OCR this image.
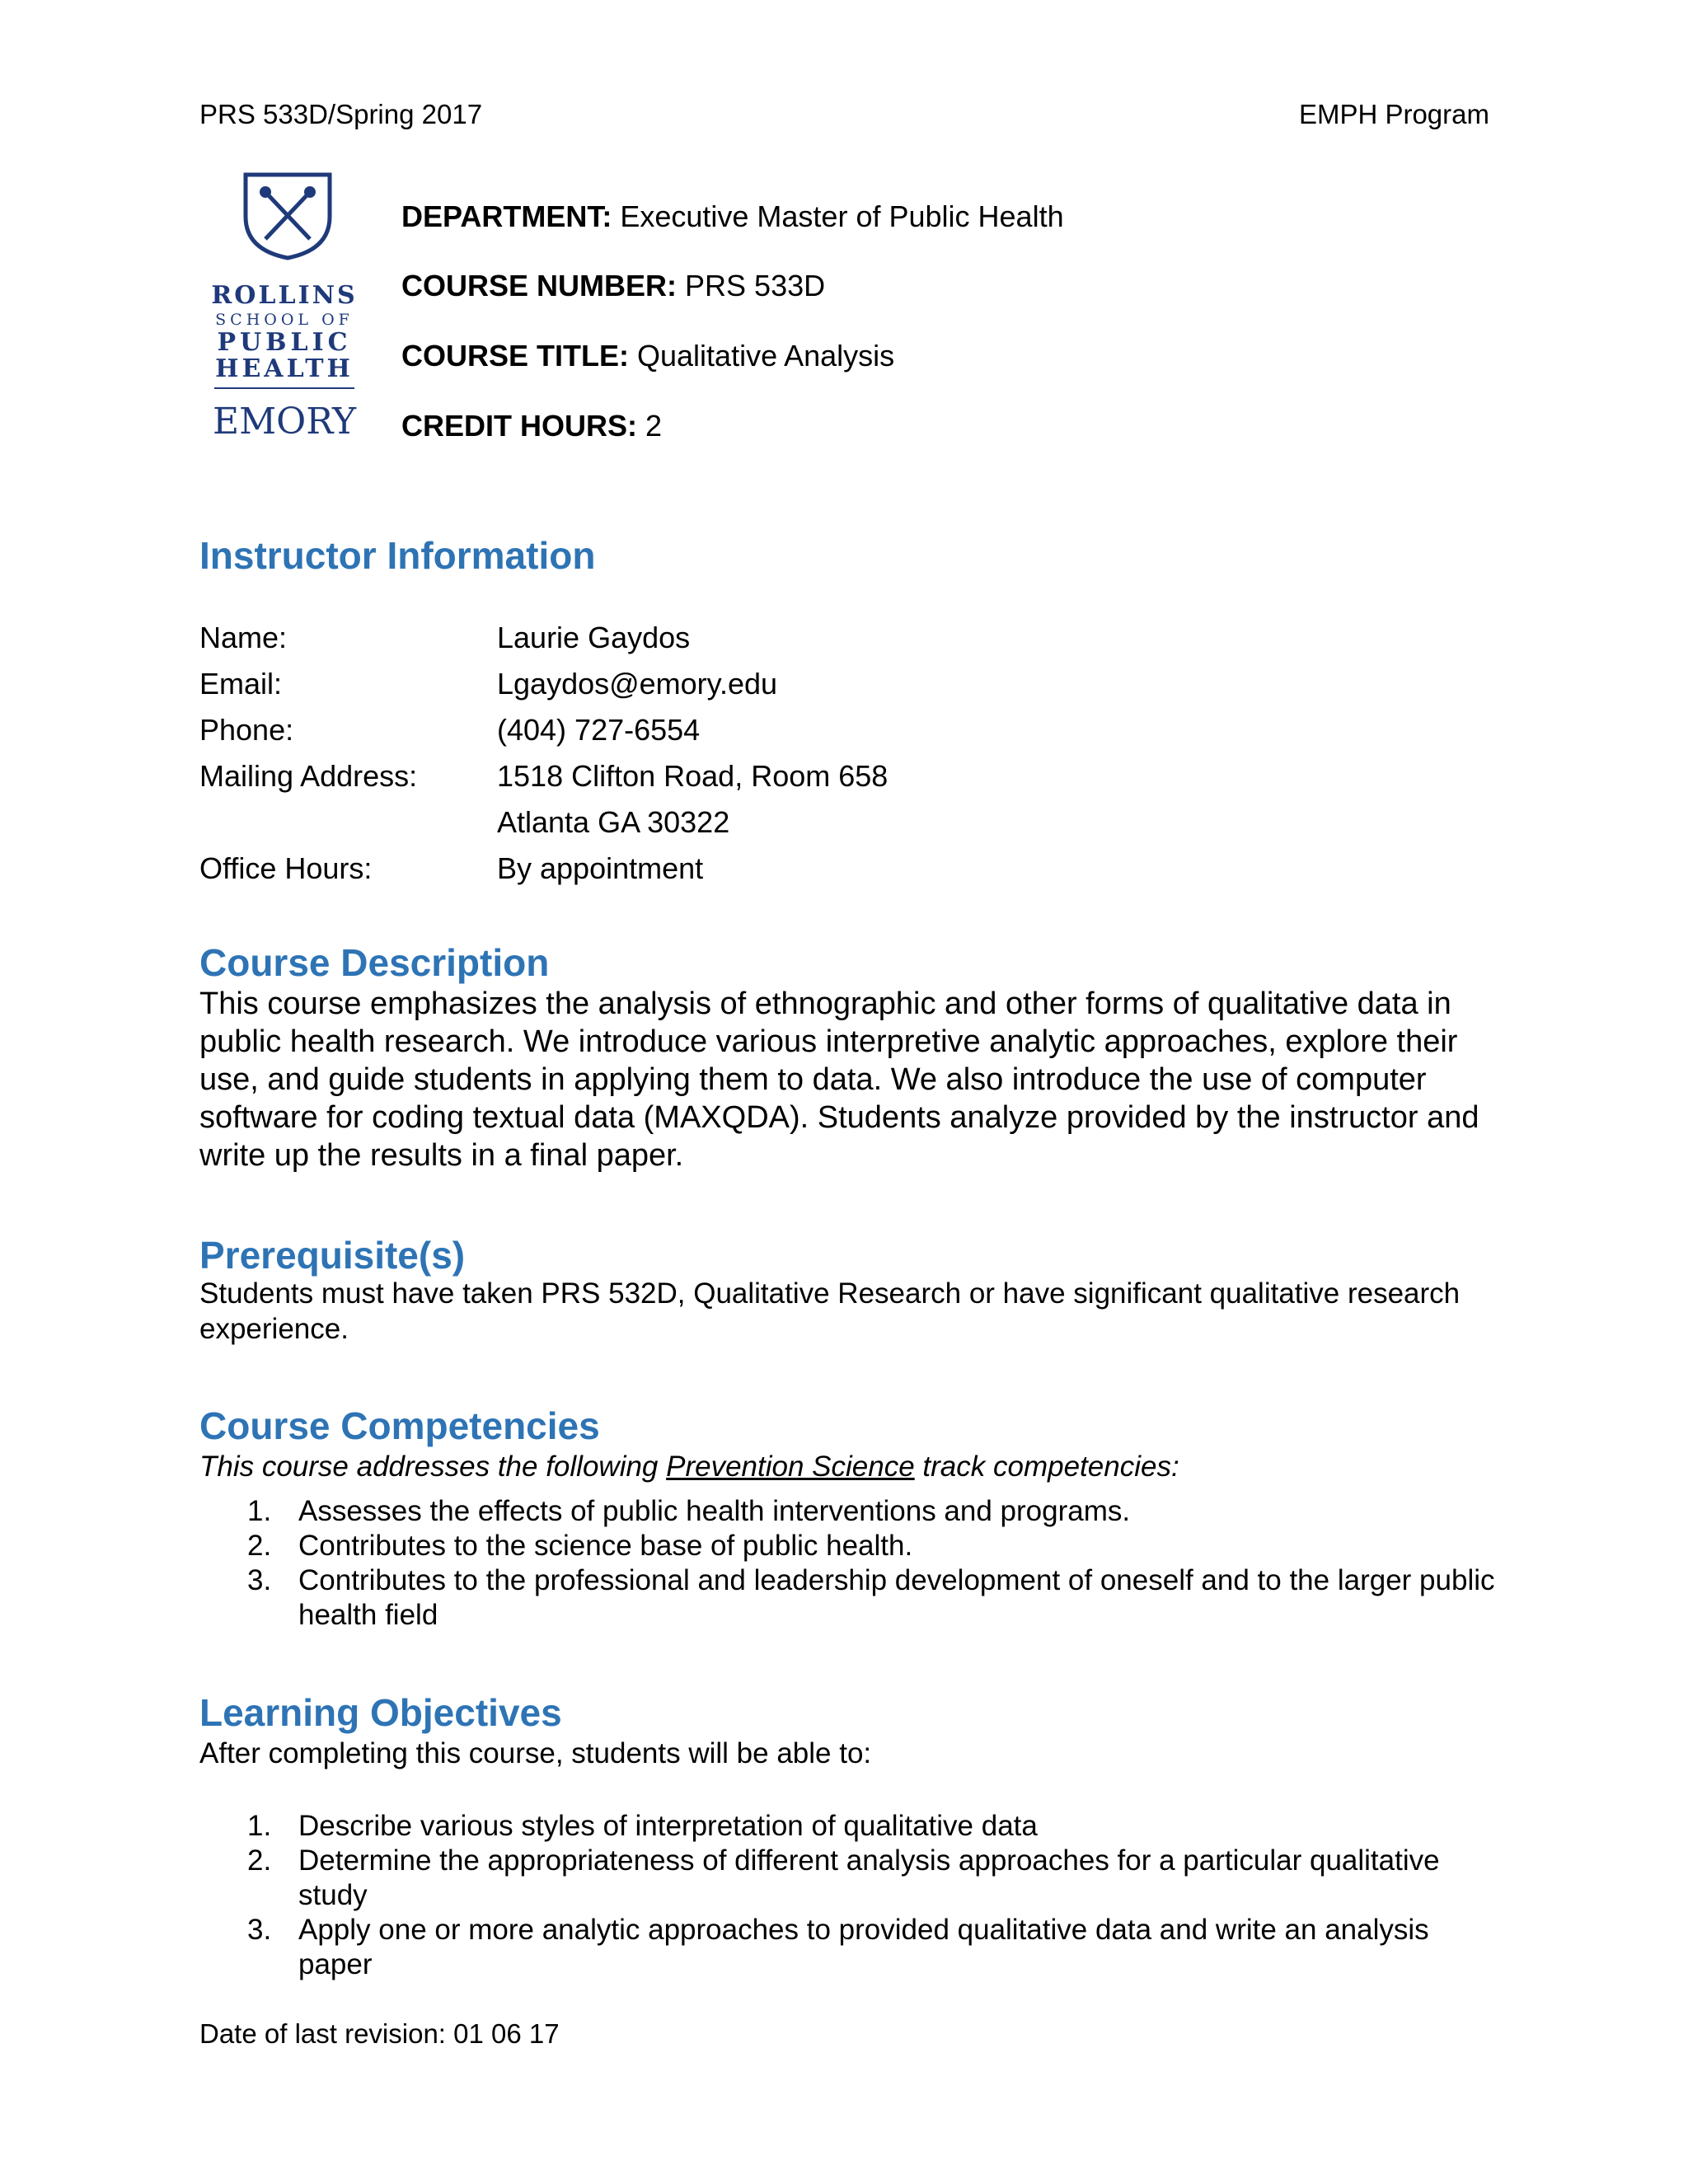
PRS 533D/Spring 2017	EMPH Program
ROLLINS
SCHOOL OF
PUBLIC
HEALTH
EMORY
DEPARTMENT: Executive Master of Public Health
COURSE NUMBER: PRS 533D
COURSE TITLE: Qualitative Analysis
CREDIT HOURS: 2
Instructor Information
Name:	Laurie Gaydos
Email:	Lgaydos@emory.edu
Phone:	(404) 727-6554
Mailing Address:	1518 Clifton Road, Room 658
Atlanta GA 30322
Office Hours:	By appointment
Course Description
This course emphasizes the analysis of ethnographic and other forms of qualitative data in public health research. We introduce various interpretive analytic approaches, explore their use, and guide students in applying them to data. We also introduce the use of computer software for coding textual data (MAXQDA). Students analyze provided by the instructor and write up the results in a final paper.
Prerequisite(s)
Students must have taken PRS 532D, Qualitative Research or have significant qualitative research experience.
Course Competencies
This course addresses the following Prevention Science track competencies:
1. Assesses the effects of public health interventions and programs.
2. Contributes to the science base of public health.
3. Contributes to the professional and leadership development of oneself and to the larger public health field
Learning Objectives
After completing this course, students will be able to:
1. Describe various styles of interpretation of qualitative data
2. Determine the appropriateness of different analysis approaches for a particular qualitative study
3. Apply one or more analytic approaches to provided qualitative data and write an analysis paper
Date of last revision: 01 06 17
